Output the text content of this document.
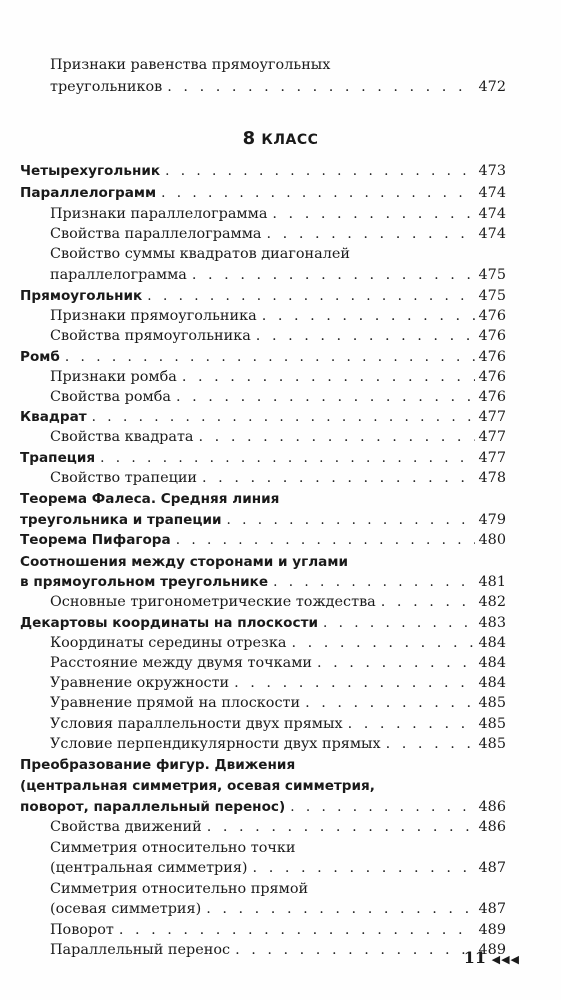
Признаки равенства прямоугольных
треугольников . . .	472
8 КЛАСС
Четырехугольник . . .	473
Параллелограмм . . .	474
Признаки параллелограмма . . .	474
Свойства параллелограмма . . .	474
Свойство суммы квадратов диагоналей
параллелограмма . . .	475
Прямоугольник . . .	475
Признаки прямоугольника . . .	476
Свойства прямоугольника . . .	476
Ромб . . .	476
Признаки ромба . . .	476
Свойства ромба . . .	476
Квадрат . . .	477
Свойства квадрата . . .	477
Трапеция . . .	477
Свойство трапеции . . .	478
Теорема Фалеса. Средняя линия
треугольника и трапеции . . .	479
Теорема Пифагора . . .	480
Соотношения между сторонами и углами
в прямоугольном треугольнике . . .	481
Основные тригонометрические тождества . . .	482
Декартовы координаты на плоскости . . .	483
Координаты середины отрезка . . .	484
Расстояние между двумя точками . . .	484
Уравнение окружности . . .	484
Уравнение прямой на плоскости . . .	485
Условия параллельности двух прямых . . .	485
Условие перпендикулярности двух прямых . . .	485
Преобразование фигур. Движения
(центральная симметрия, осевая симметрия,
поворот, параллельный перенос) . . .	486
Свойства движений . . .	486
Симметрия относительно точки
(центральная симметрия) . . .	487
Симметрия относительно прямой
(осевая симметрия) . . .	487
Поворот . . .	489
Параллельный перенос . . .	489
11 ◀◀◀
